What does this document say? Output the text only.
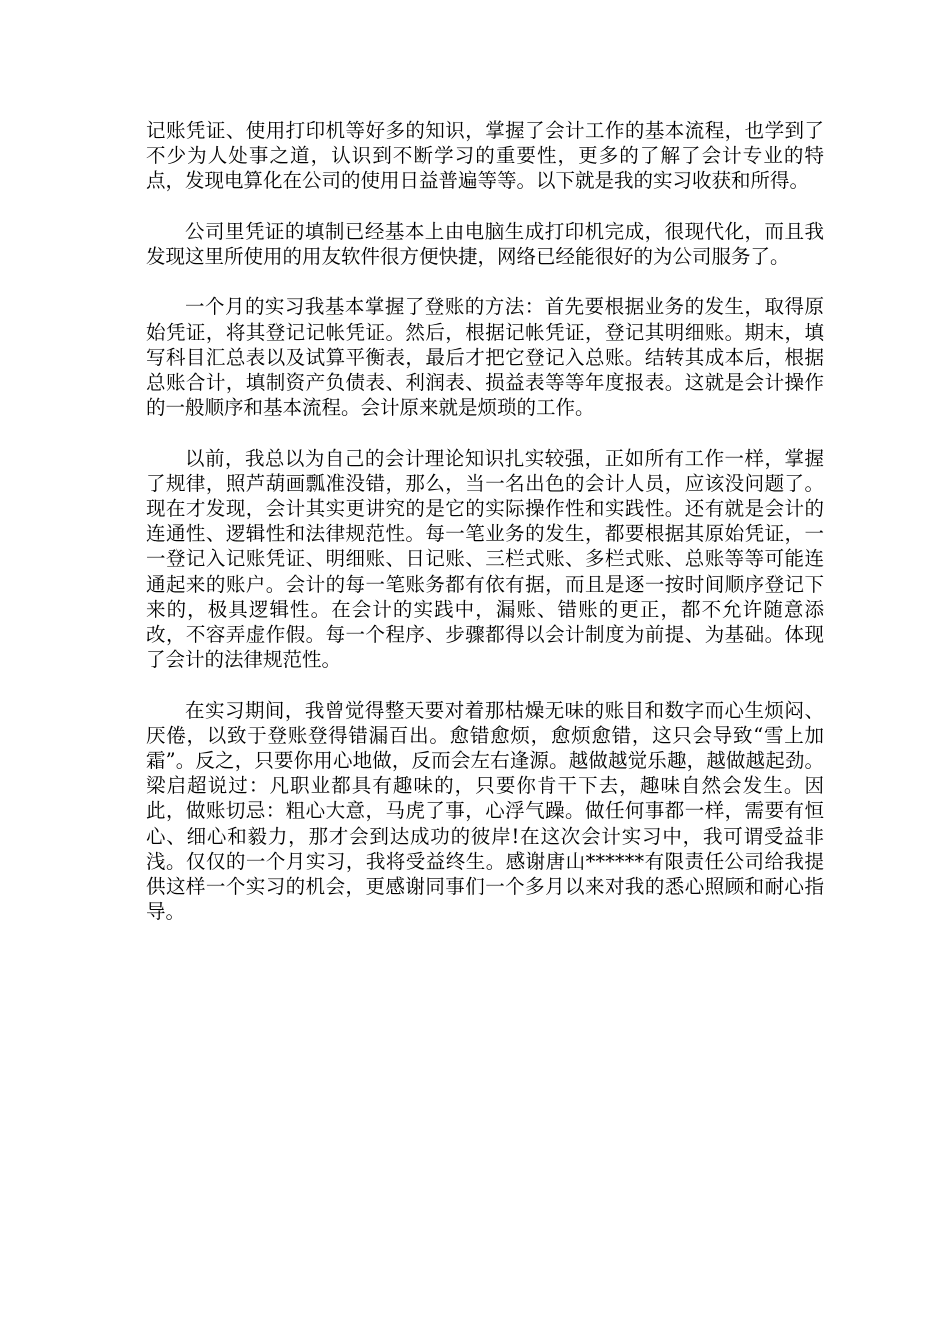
记账凭证、使用打印机等好多的知识，掌握了会计工作的基本流程，也学到了不少为人处事之道，认识到不断学习的重要性，更多的了解了会计专业的特点，发现电算化在公司的使用日益普遍等等。以下就是我的实习收获和所得。

公司里凭证的填制已经基本上由电脑生成打印机完成，很现代化，而且我发现这里所使用的用友软件很方便快捷，网络已经能很好的为公司服务了。

一个月的实习我基本掌握了登账的方法：首先要根据业务的发生，取得原始凭证，将其登记记帐凭证。然后，根据记帐凭证，登记其明细账。期末，填写科目汇总表以及试算平衡表，最后才把它登记入总账。结转其成本后，根据总账合计，填制资产负债表、利润表、损益表等等年度报表。这就是会计操作的一般顺序和基本流程。会计原来就是烦琐的工作。

以前，我总以为自己的会计理论知识扎实较强，正如所有工作一样，掌握了规律，照芦葫画瓢准没错，那么，当一名出色的会计人员，应该没问题了。现在才发现，会计其实更讲究的是它的实际操作性和实践性。还有就是会计的连通性、逻辑性和法律规范性。每一笔业务的发生，都要根据其原始凭证，一一登记入记账凭证、明细账、日记账、三栏式账、多栏式账、总账等等可能连通起来的账户。会计的每一笔账务都有依有据，而且是逐一按时间顺序登记下来的，极具逻辑性。在会计的实践中，漏账、错账的更正，都不允许随意添改，不容弄虚作假。每一个程序、步骤都得以会计制度为前提、为基础。体现了会计的法律规范性。

在实习期间，我曾觉得整天要对着那枯燥无味的账目和数字而心生烦闷、厌倦，以致于登账登得错漏百出。愈错愈烦，愈烦愈错，这只会导致“雪上加霜”。反之，只要你用心地做，反而会左右逢源。越做越觉乐趣，越做越起劲。梁启超说过：凡职业都具有趣味的，只要你肯干下去，趣味自然会发生。因此，做账切忌：粗心大意，马虎了事，心浮气躁。做任何事都一样，需要有恒心、细心和毅力，那才会到达成功的彼岸!在这次会计实习中，我可谓受益非浅。仅仅的一个月实习，我将受益终生。感谢唐山******有限责任公司给我提供这样一个实习的机会，更感谢同事们一个多月以来对我的悉心照顾和耐心指导。
